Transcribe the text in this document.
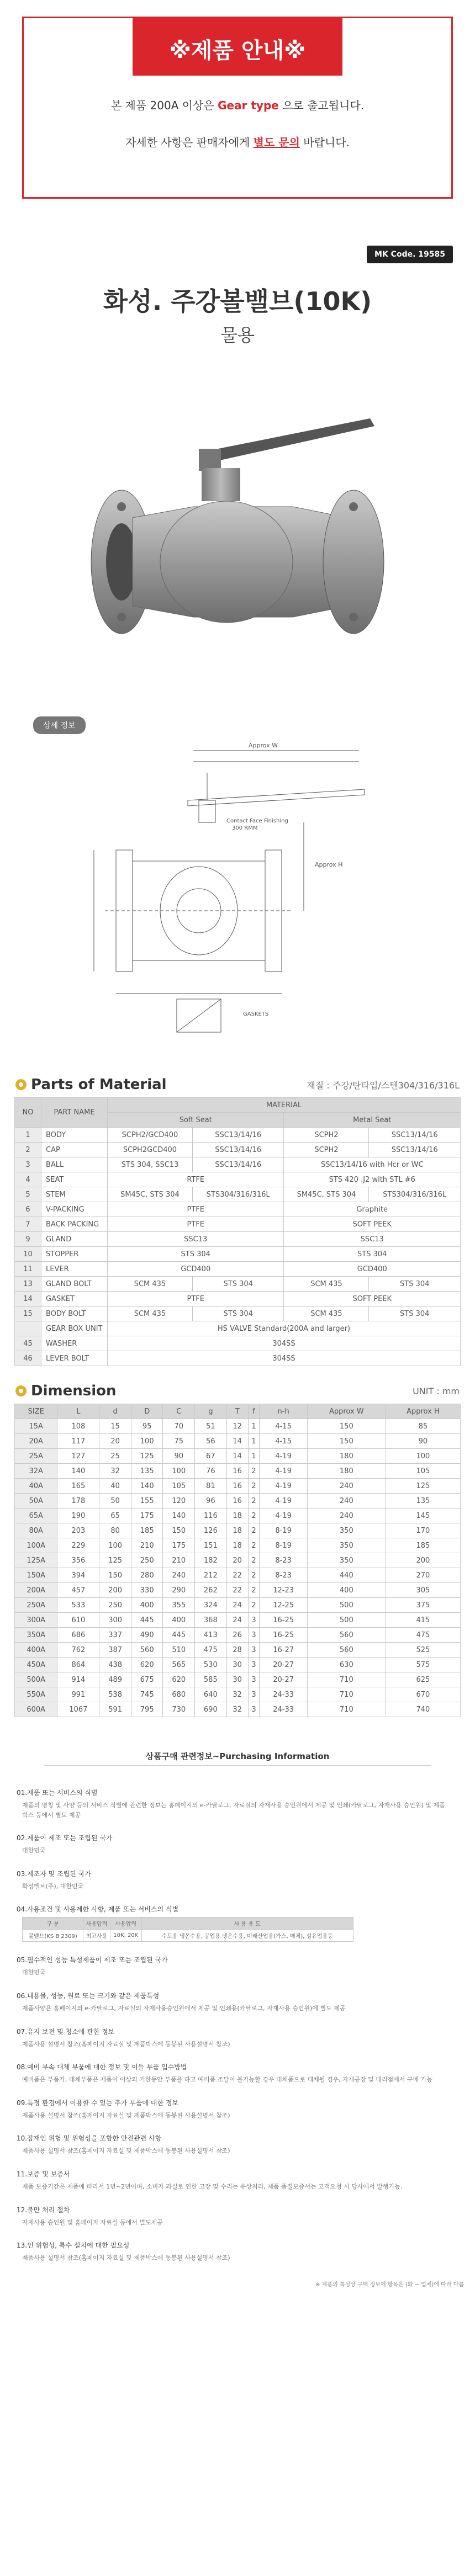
※제품 안내※
본 제품 200A 이상은 Gear type 으로 출고됩니다.
자세한 사항은 판매자에게 별도 문의 바랍니다.
MK Code. 19585
화성. 주강볼밸브(10K)
물용
상세 정보
Approx W
Approx H
Contact Face Finishing
300 RMM
GASKETS
Parts of Material	재질 : 주강/탄타입/스텐304/316/316L
NO	PART NAME	MATERIAL			
		Soft Seat		Metal Seat	
1	BODY	SCPH2/GCD400	SSC13/14/16	SCPH2	SSC13/14/16
2	CAP	SCPH2GCD400	SSC13/14/16	SCPH2	SSC13/14/16
3	BALL	STS 304, SSC13	SSC13/14/16	SSC13/14/16 with Hcr or WC	
4	SEAT	RTFE		STS 420 .J2 with STL #6	
5	STEM	SM45C, STS 304	STS304/316/316L	SM45C, STS 304	STS304/316/316L
6	V-PACKING	PTFE		Graphite	
7	BACK PACKING	PTFE		SOFT PEEK	
9	GLAND	SSC13		SSC13	
10	STOPPER	STS 304		STS 304	
11	LEVER	GCD400		GCD400	
13	GLAND BOLT	SCM 435	STS 304	SCM 435	STS 304
14	GASKET	PTFE		SOFT PEEK	
15	BODY BOLT	SCM 435	STS 304	SCM 435	STS 304
	GEAR BOX UNIT	HS VALVE Standard(200A and larger)			
45	WASHER	304SS			
46	LEVER BOLT	304SS			
Dimension	UNIT : mm
SIZE	L	d	D	C	g	T	f	n-h	Approx W	Approx H
15A	108	15	95	70	51	12	1	4-15	150	85
20A	117	20	100	75	56	14	1	4-15	150	90
25A	127	25	125	90	67	14	1	4-19	180	100
32A	140	32	135	100	76	16	2	4-19	180	105
40A	165	40	140	105	81	16	2	4-19	240	125
50A	178	50	155	120	96	16	2	4-19	240	135
65A	190	65	175	140	116	18	2	4-19	240	145
80A	203	80	185	150	126	18	2	8-19	350	170
100A	229	100	210	175	151	18	2	8-19	350	185
125A	356	125	250	210	182	20	2	8-23	350	200
150A	394	150	280	240	212	22	2	8-23	440	270
200A	457	200	330	290	262	22	2	12-23	400	305
250A	533	250	400	355	324	24	2	12-25	500	375
300A	610	300	445	400	368	24	3	16-25	500	415
350A	686	337	490	445	413	26	3	16-25	560	475
400A	762	387	560	510	475	28	3	16-27	560	525
450A	864	438	620	565	530	30	3	20-27	630	575
500A	914	489	675	620	585	30	3	20-27	710	625
550A	991	538	745	680	640	32	3	24-33	710	670
600A	1067	591	795	730	690	32	3	24-33	710	740
상품구매 관련정보~Purchasing Information
01.제품 또는 서비스의 식별
제품의 명칭 및 사양 등의 서비스 식별에 관련한 정보는 홈페이지의 e-카탈로그, 자료실의 자재사용 승인원에서 제공 및 인쇄(카탈로그, 자재사용 승인원) 및 제품박스 등에서 별도 제공
02.제품이 제조 또는 조립된 국가
대한민국
03.제조자 및 조립된 국가
화성밸브(주), 대한민국
04.사용조건 및 사용제한 사항, 제품 또는 서비스의 식별
구 분	사용압력	사용압력	사 용 용 도
볼밸브(KS B 2309)	최고사용	10K, 20K	수도용 냉온수용, 공업용 냉온수용, 미래산업용(가스, 매체), 섬유업용등
05.필수적인 성능 특성제품이 제조 또는 조립된 국가
대한민국
06.내용물, 성능, 원료 또는 크기와 같은 제품특성
제품사양은 홈페이지의 e-카탈로그, 자료실의 자재사용승인원에서 제공 및 인쇄용(카탈로그, 자재사용 승인원)에 별도 제공
07.유지 보전 및 청소에 관한 정보
제품사용 설명서 참조(홈페이지 자료실 및 제품박스에 동봉된 사용설명서 참조)
08.예비 부속 대체 부품에 대한 정보 및 이들 부품 입수방법
예비품은 부품가, 대체부품은 제품이 이상의 기한동안 부품을 하고 예비품 조달이 불가능할 경우 대체품으로 대체될 경우, 자재공장 및 대리점에서 구매 가능
09.특정 환경에서 이용할 수 있는 추가 부품에 대한 정보
제품사용 설명서 참조(홈페이지 자료실 및 제품박스에 동봉된 사용설명서 참조)
10.잠재인 위험 및 위험성을 포함한 안전관련 사항
제품사용 설명서 참조(홈페이지 자료실 및 제품박스에 동봉된 사용설명서 참조)
11.보증 및 보증서
제품 보증기간은 제품에 따라서 1년~2년이며, 소비자 과실로 인한 고장 및 수리는 유상처리, 제품 품질보증서는 고객요청 시 당사에서 발행가능.
12.불만 처리 절차
자재사용 승인원 및 홈페이지 자료실 등에서 별도제공
13.인 위험성, 특수 설치에 대한 필요성
제품사용 설명서 참조(홈페이지 자료실 및 제품박스에 동봉된 사용설명서 참조)
※ 제품의 특성상 구매 정보에 항목은 (화 ~ 업체)에 따라 다름
